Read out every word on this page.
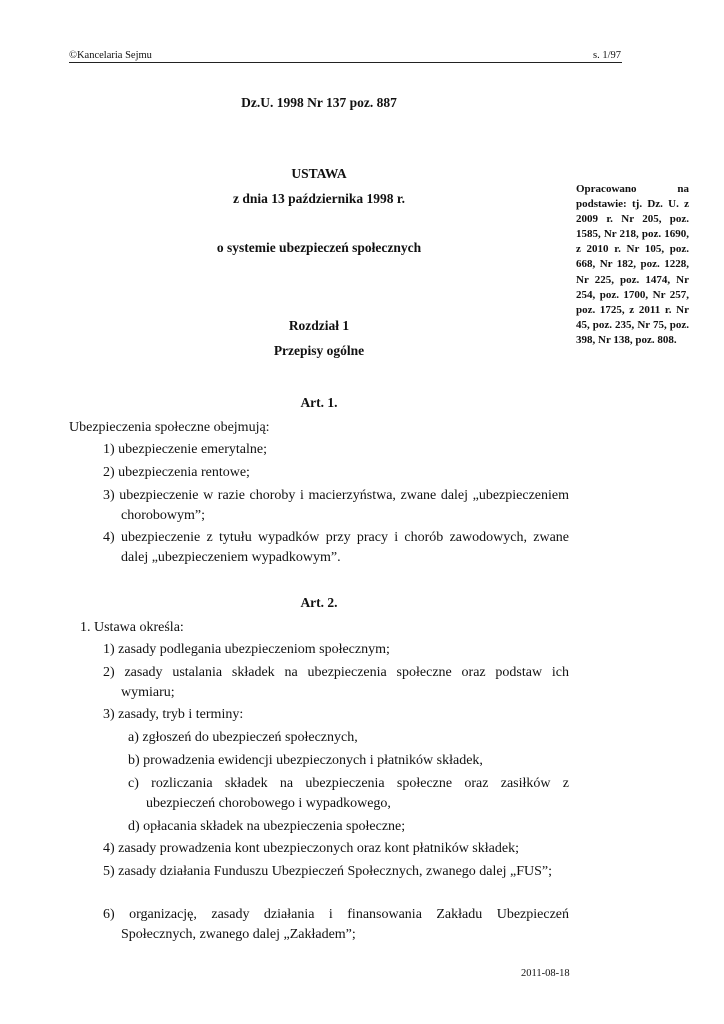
©Kancelaria Sejmu	s. 1/97
Dz.U. 1998 Nr 137 poz. 887
USTAWA
z dnia 13 października 1998 r.
o systemie ubezpieczeń społecznych
Rozdział 1
Przepisy ogólne
Opracowano na podstawie: tj. Dz. U. z 2009 r. Nr 205, poz. 1585, Nr 218, poz. 1690, z 2010 r. Nr 105, poz. 668, Nr 182, poz. 1228, Nr 225, poz. 1474, Nr 254, poz. 1700, Nr 257, poz. 1725, z 2011 r. Nr 45, poz. 235, Nr 75, poz. 398, Nr 138, poz. 808.
Art. 1.
Ubezpieczenia społeczne obejmują:
1) ubezpieczenie emerytalne;
2) ubezpieczenia rentowe;
3) ubezpieczenie w razie choroby i macierzyństwa, zwane dalej „ubezpieczeniem chorobowym”;
4) ubezpieczenie z tytułu wypadków przy pracy i chorób zawodowych, zwane dalej „ubezpieczeniem wypadkowym”.
Art. 2.
1. Ustawa określa:
1) zasady podlegania ubezpieczeniom społecznym;
2) zasady ustalania składek na ubezpieczenia społeczne oraz podstaw ich wymiaru;
3) zasady, tryb i terminy:
a) zgłoszeń do ubezpieczeń społecznych,
b) prowadzenia ewidencji ubezpieczonych i płatników składek,
c) rozliczania składek na ubezpieczenia społeczne oraz zasiłków z ubezpieczeń chorobowego i wypadkowego,
d) opłacania składek na ubezpieczenia społeczne;
4) zasady prowadzenia kont ubezpieczonych oraz kont płatników składek;
5) zasady działania Funduszu Ubezpieczeń Społecznych, zwanego dalej „FUS”;
6) organizację, zasady działania i finansowania Zakładu Ubezpieczeń Społecznych, zwanego dalej „Zakładem”;
2011-08-18
